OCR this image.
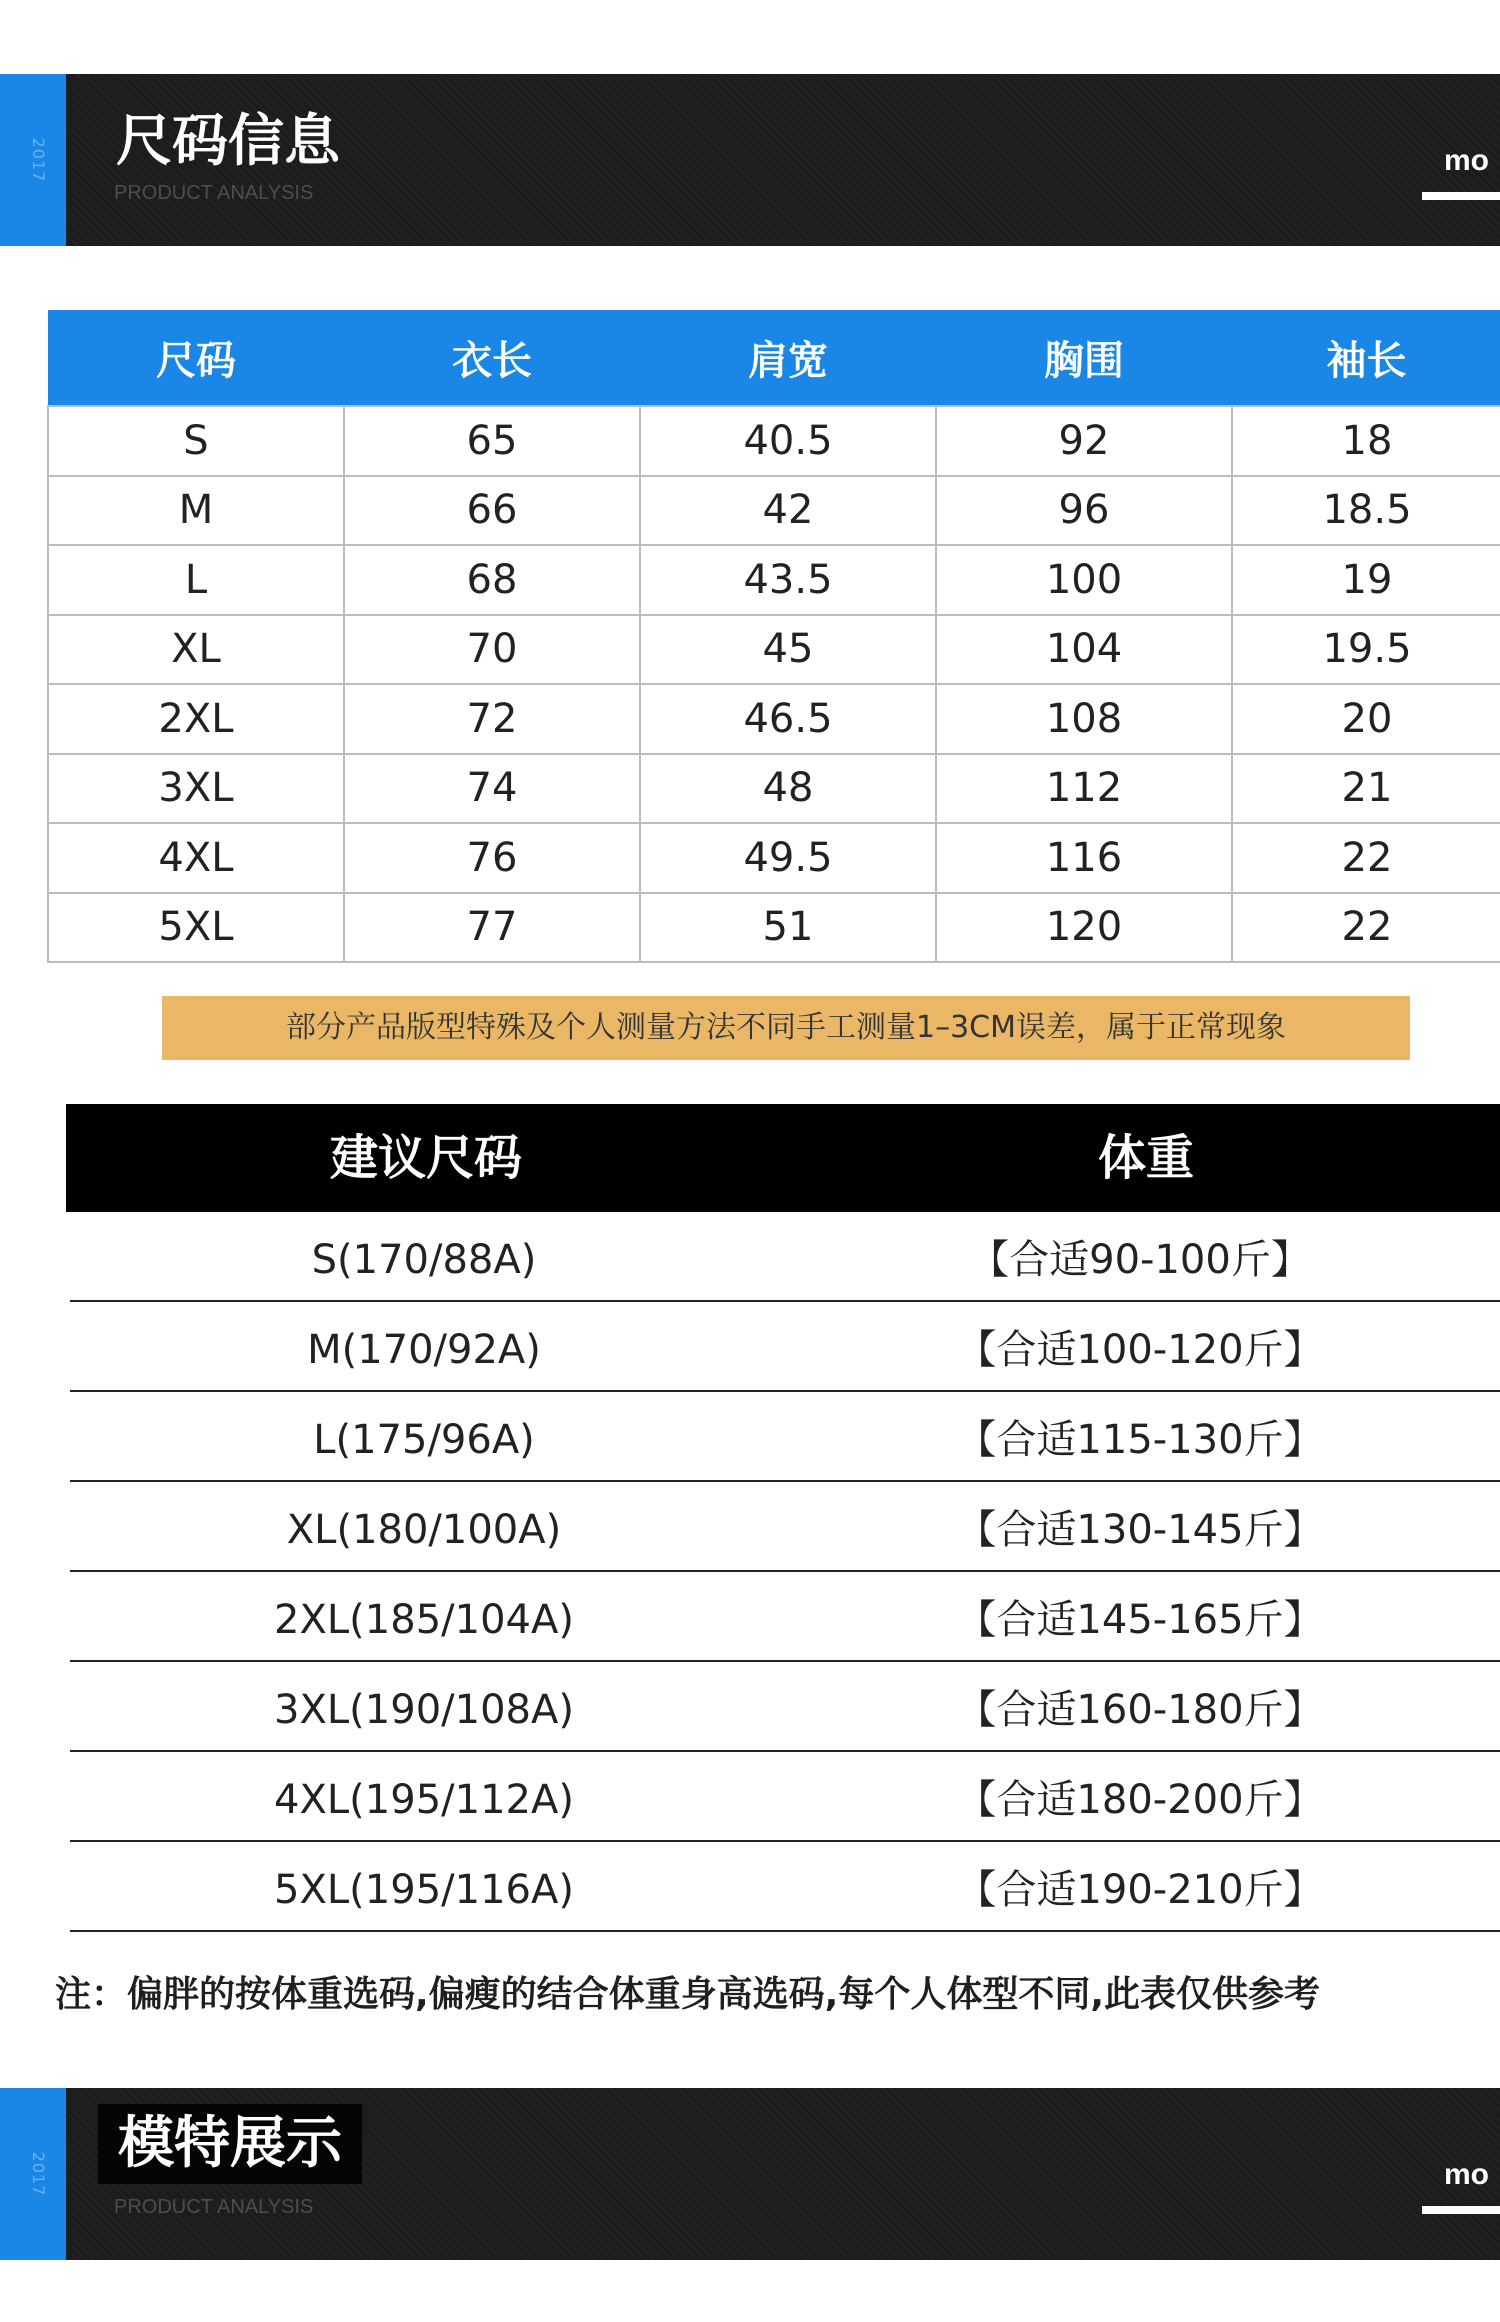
2017 尺码信息
PRODUCT ANALYSIS
mo
尺码	衣长	肩宽	胸围	袖长
S	65	40.5	92	18
M	66	42	96	18.5
L	68	43.5	100	19
XL	70	45	104	19.5
2XL	72	46.5	108	20
3XL	74	48	112	21
4XL	76	49.5	116	22
5XL	77	51	120	22
部分产品版型特殊及个人测量方法不同手工测量1–3CM误差，属于正常现象
建议尺码	体重
S(170/88A)	【合适90-100斤】
M(170/92A)	【合适100-120斤】
L(175/96A)	【合适115-130斤】
XL(180/100A)	【合适130-145斤】
2XL(185/104A)	【合适145-165斤】
3XL(190/108A)	【合适160-180斤】
4XL(195/112A)	【合适180-200斤】
5XL(195/116A)	【合适190-210斤】
注：偏胖的按体重选码,偏瘦的结合体重身高选码,每个人体型不同,此表仅供参考
2017	模特展示
PRODUCT ANALYSIS
mo
